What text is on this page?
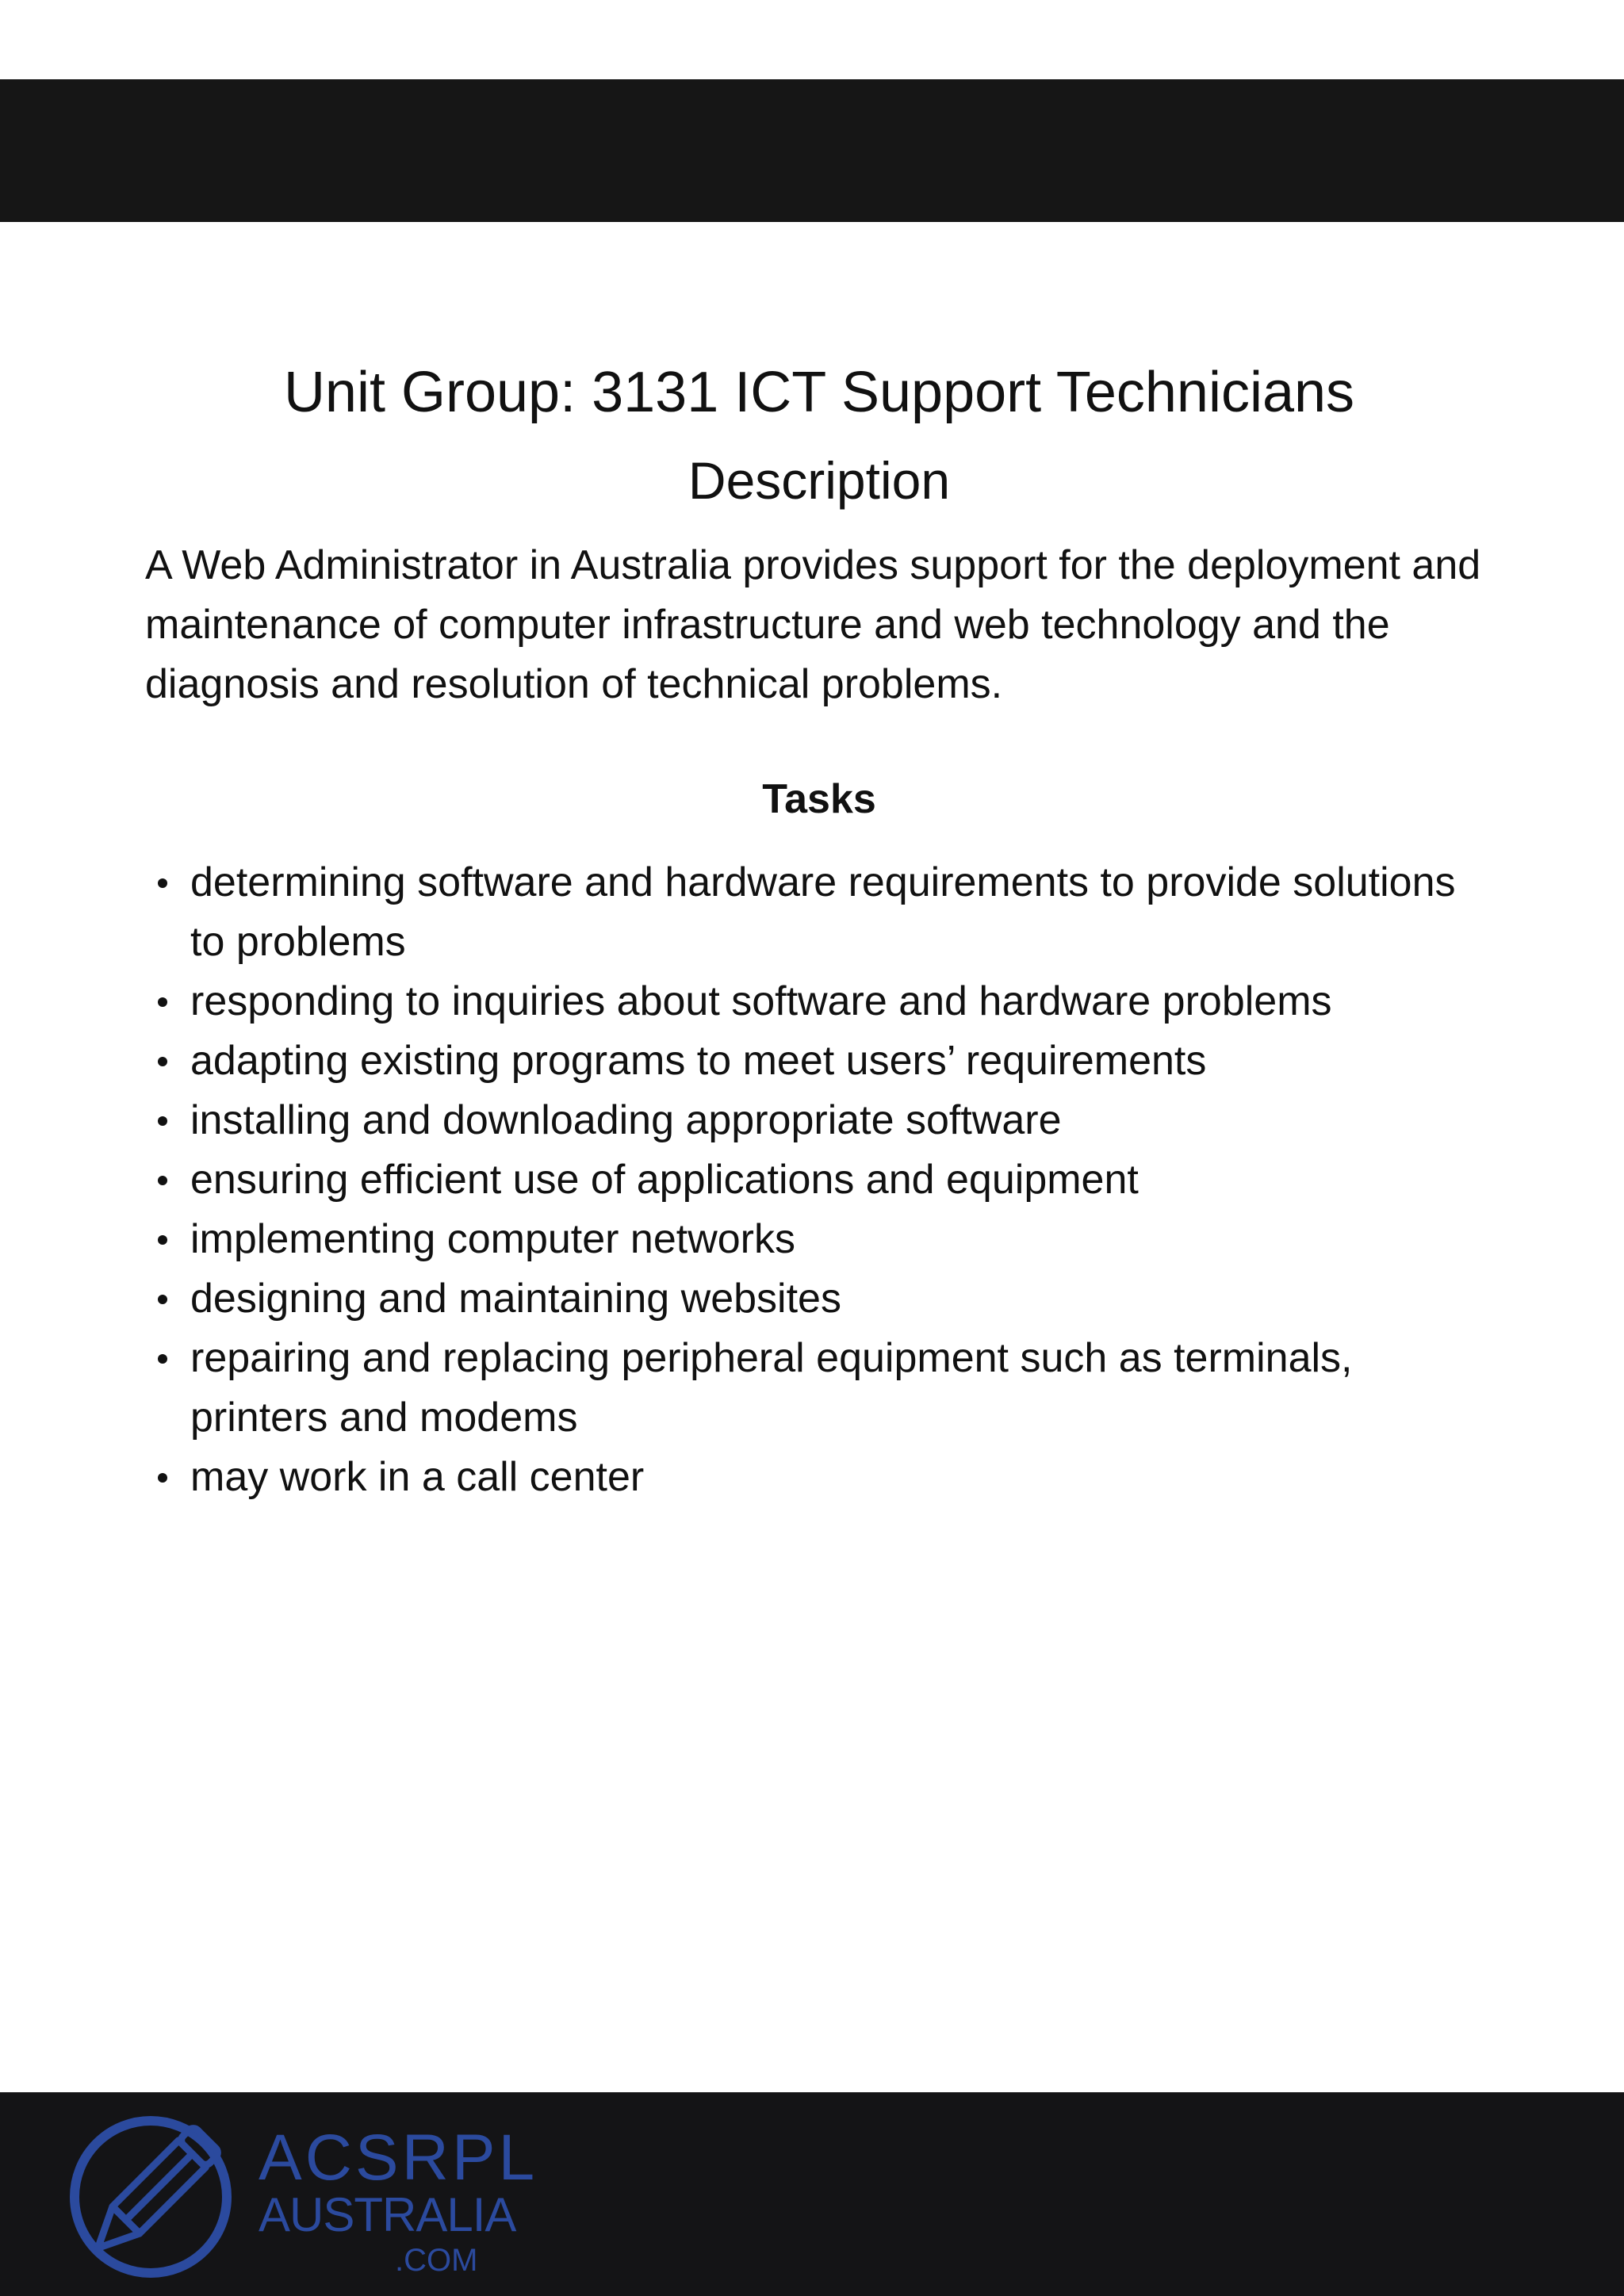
Unit Group: 3131 ICT Support Technicians
Description

A Web Administrator in Australia provides support for the deployment and maintenance of computer infrastructure and web technology and the diagnosis and resolution of technical problems.

Tasks
determining software and hardware requirements to provide solutions to problems
responding to inquiries about software and hardware problems
adapting existing programs to meet users’ requirements
installing and downloading appropriate software
ensuring efficient use of applications and equipment
implementing computer networks
designing and maintaining websites
repairing and replacing peripheral equipment such as terminals, printers and modems
may work in a call center
ACSRPL
AUSTRALIA
.COM
